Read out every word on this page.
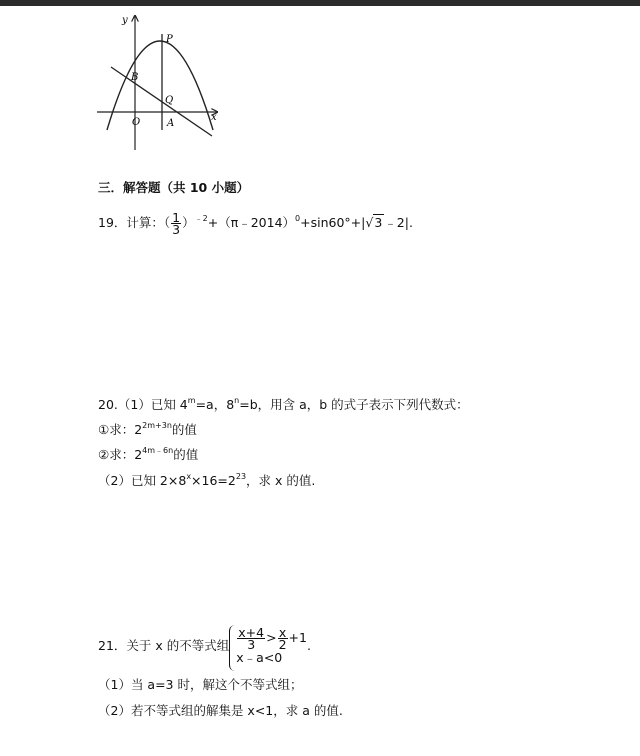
y
x
P
B
Q
O	A
三．解答题（共 10 小题）
19．计算：（ $\frac{1}{3}$ ）$^{﹣2}$+（π﹣2014）$^0$+sin60°+|√3 ﹣2|.
20.（1）已知 $4^m=a$，$8^n=b$，用含 a，b 的式子表示下列代数式：
①求：$2^{2m+3n}$的值
②求：$2^{4m﹣6n}$的值
（2）已知 $2\times 8^x\times 16=2^{23}$，求 x 的值.
21．关于 x 的不等式组 $\frac{x+4}{3} > \frac{x}{2} +1$
x﹣a<0
.
（1）当 a=3 时，解这个不等式组；
（2）若不等式组的解集是 x<1，求 a 的值.
